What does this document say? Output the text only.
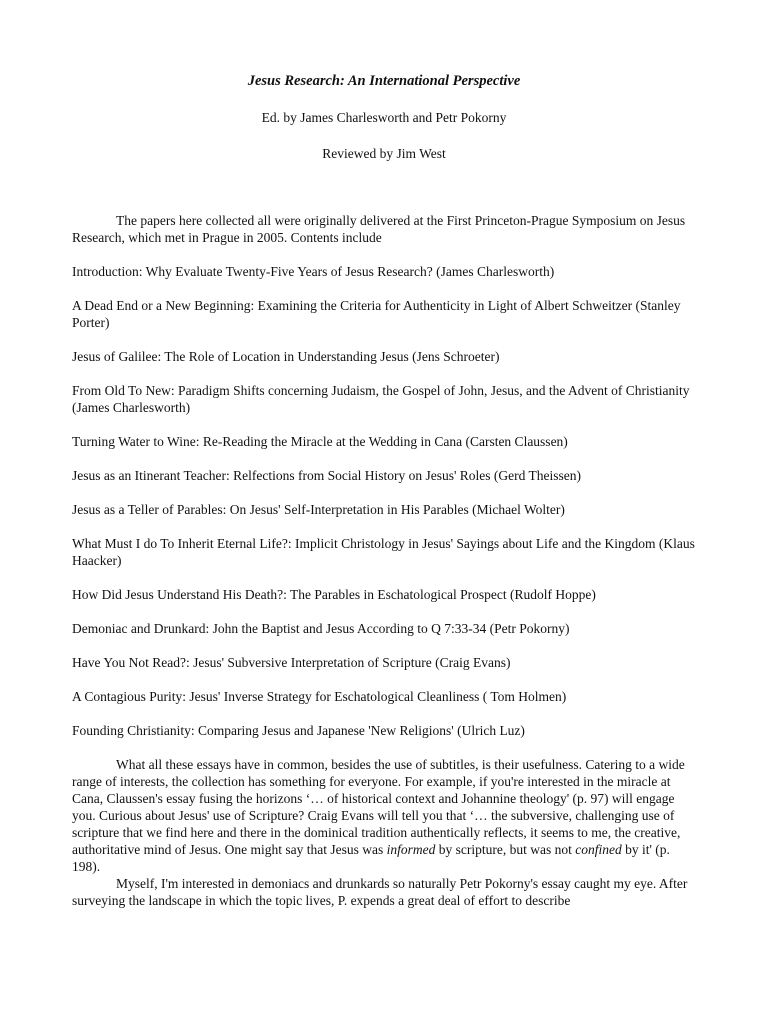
Jesus Research: An International Perspective
Ed. by James Charlesworth and Petr Pokorny
Reviewed by Jim West

The papers here collected all were originally delivered at the First Princeton-Prague Symposium on Jesus Research, which met in Prague in 2005. Contents include

Introduction: Why Evaluate Twenty-Five Years of Jesus Research? (James Charlesworth)

A Dead End or a New Beginning: Examining the Criteria for Authenticity in Light of Albert Schweitzer (Stanley Porter)

Jesus of Galilee: The Role of Location in Understanding Jesus (Jens Schroeter)

From Old To New: Paradigm Shifts concerning Judaism, the Gospel of John, Jesus, and the Advent of Christianity (James Charlesworth)

Turning Water to Wine: Re-Reading the Miracle at the Wedding in Cana (Carsten Claussen)

Jesus as an Itinerant Teacher: Relfections from Social History on Jesus' Roles (Gerd Theissen)

Jesus as a Teller of Parables: On Jesus' Self-Interpretation in His Parables (Michael Wolter)

What Must I do To Inherit Eternal Life?: Implicit Christology in Jesus' Sayings about Life and the Kingdom (Klaus Haacker)

How Did Jesus Understand His Death?: The Parables in Eschatological Prospect (Rudolf Hoppe)

Demoniac and Drunkard: John the Baptist and Jesus According to Q 7:33-34 (Petr Pokorny)

Have You Not Read?: Jesus' Subversive Interpretation of Scripture (Craig Evans)

A Contagious Purity: Jesus' Inverse Strategy for Eschatological Cleanliness ( Tom Holmen)

Founding Christianity: Comparing Jesus and Japanese 'New Religions' (Ulrich Luz)

What all these essays have in common, besides the use of subtitles, is their usefulness. Catering to a wide range of interests, the collection has something for everyone. For example, if you're interested in the miracle at Cana, Claussen's essay fusing the horizons ‘… of historical context and Johannine theology' (p. 97) will engage you. Curious about Jesus' use of Scripture? Craig Evans will tell you that ‘… the subversive, challenging use of scripture that we find here and there in the dominical tradition authentically reflects, it seems to me, the creative, authoritative mind of Jesus. One might say that Jesus was informed by scripture, but was not confined by it' (p. 198).

Myself, I'm interested in demoniacs and drunkards so naturally Petr Pokorny's essay caught my eye. After surveying the landscape in which the topic lives, P. expends a great deal of effort to describe
